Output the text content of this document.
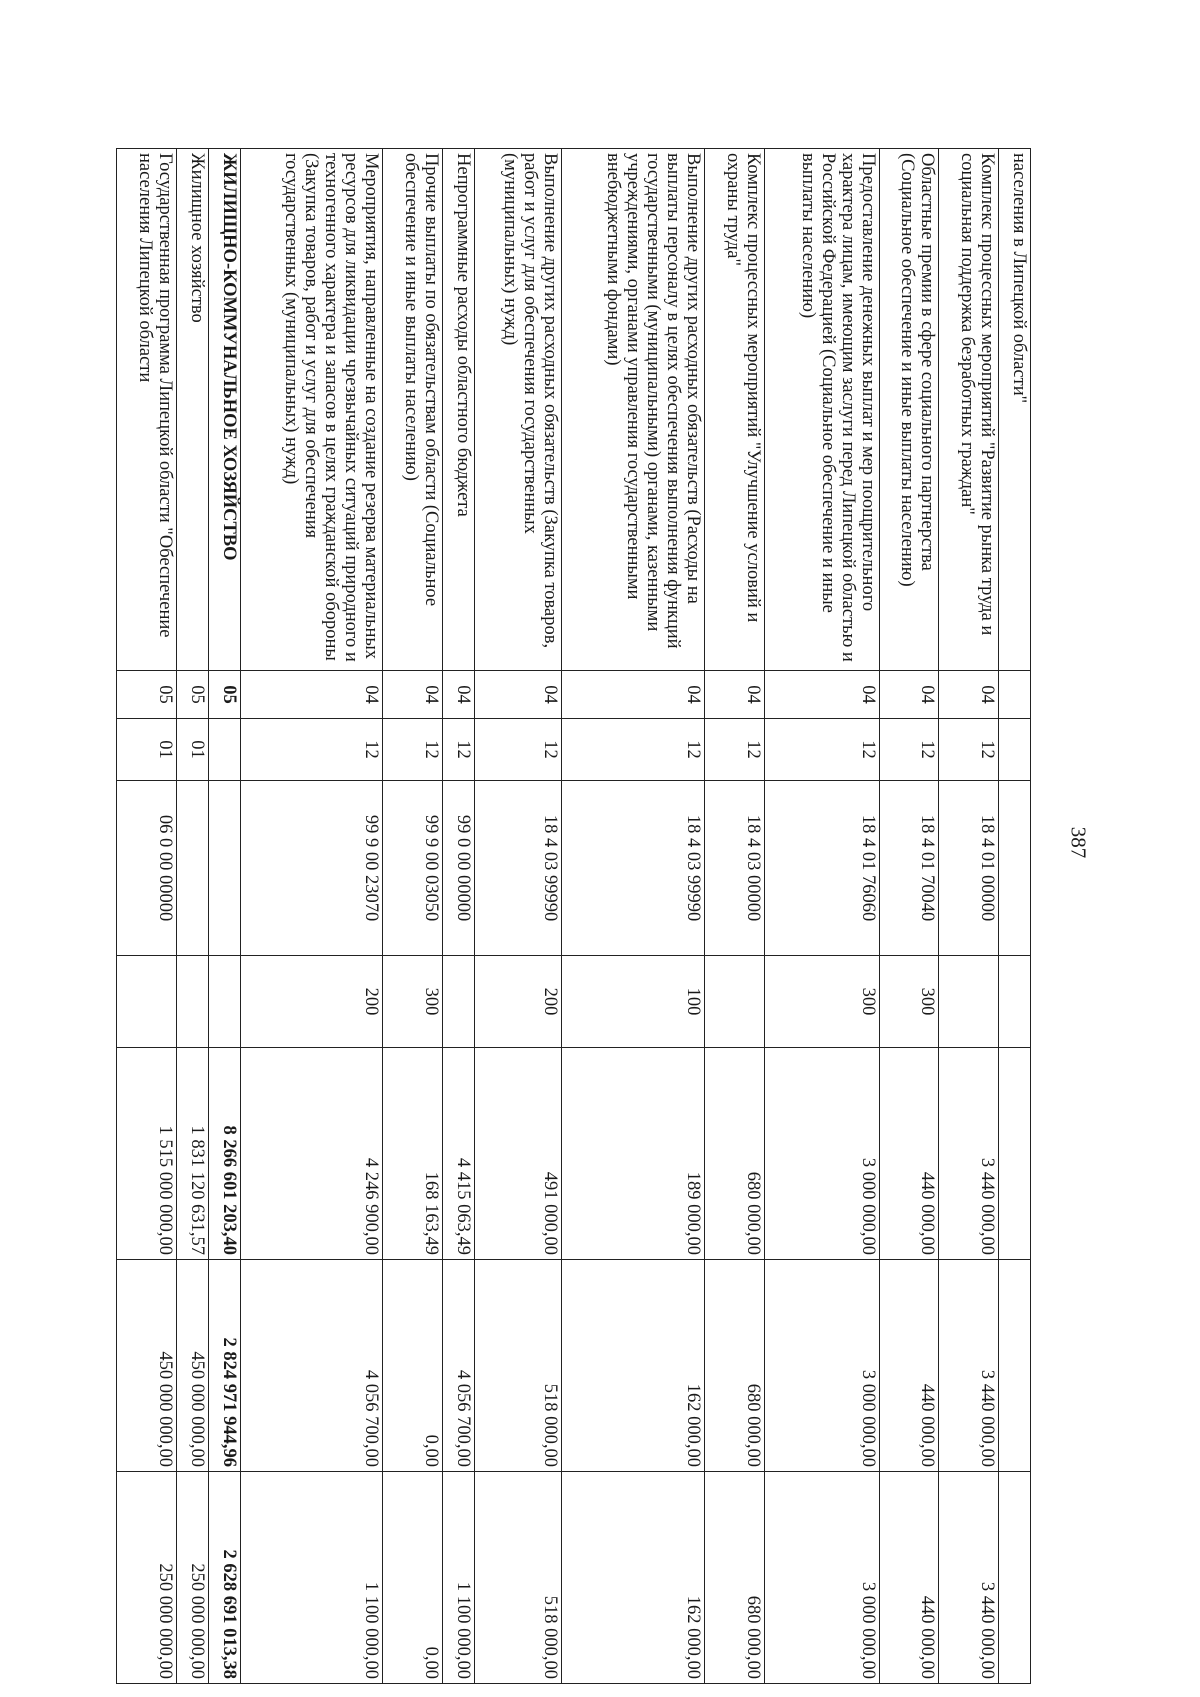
387
населения в Липецкой области"							
Комплекс процессных мероприятий "Развитие рынка труда и социальная поддержка безработных граждан"	04	12	18 4 01 00000		3 440 000,00	3 440 000,00	3 440 000,00
Областные премии в сфере социального партнерства (Социальное обеспечение и иные выплаты населению)	04	12	18 4 01 70040	300	440 000,00	440 000,00	440 000,00
Предоставление денежных выплат и мер поощрительного характера лицам, имеющим заслуги перед Липецкой областью и Российской Федерацией (Социальное обеспечение и иные выплаты населению)	04	12	18 4 01 76060	300	3 000 000,00	3 000 000,00	3 000 000,00
Комплекс процессных мероприятий "Улучшение условий и охраны труда"	04	12	18 4 03 00000		680 000,00	680 000,00	680 000,00
Выполнение других расходных обязательств (Расходы на выплаты персоналу в целях обеспечения выполнения функций государственными (муниципальными) органами, казенными учреждениями, органами управления государственными внебюджетными фондами)	04	12	18 4 03 99990	100	189 000,00	162 000,00	162 000,00
Выполнение других расходных обязательств (Закупка товаров, работ и услуг для обеспечения государственных (муниципальных) нужд)	04	12	18 4 03 99990	200	491 000,00	518 000,00	518 000,00
Непрограммные расходы областного бюджета	04	12	99 0 00 00000		4 415 063,49	4 056 700,00	1 100 000,00
Прочие выплаты по обязательствам области (Социальное обеспечение и иные выплаты населению)	04	12	99 9 00 03050	300	168 163,49	0,00	0,00
Мероприятия, направленные на создание резерва материальных ресурсов для ликвидации чрезвычайных ситуаций природного и техногенного характера и запасов в целях гражданской обороны (Закупка товаров, работ и услуг для обеспечения государственных (муниципальных) нужд)	04	12	99 9 00 23070	200	4 246 900,00	4 056 700,00	1 100 000,00
ЖИЛИЩНО-КОММУНАЛЬНОЕ ХОЗЯЙСТВО	05				8 266 601 203,40	2 824 971 944,96	2 628 691 013,38
Жилищное хозяйство	05	01			1 831 120 631,57	450 000 000,00	250 000 000,00
Государственная программа Липецкой области "Обеспечение населения Липецкой области	05	01	06 0 00 00000		1 515 000 000,00	450 000 000,00	250 000 000,00
